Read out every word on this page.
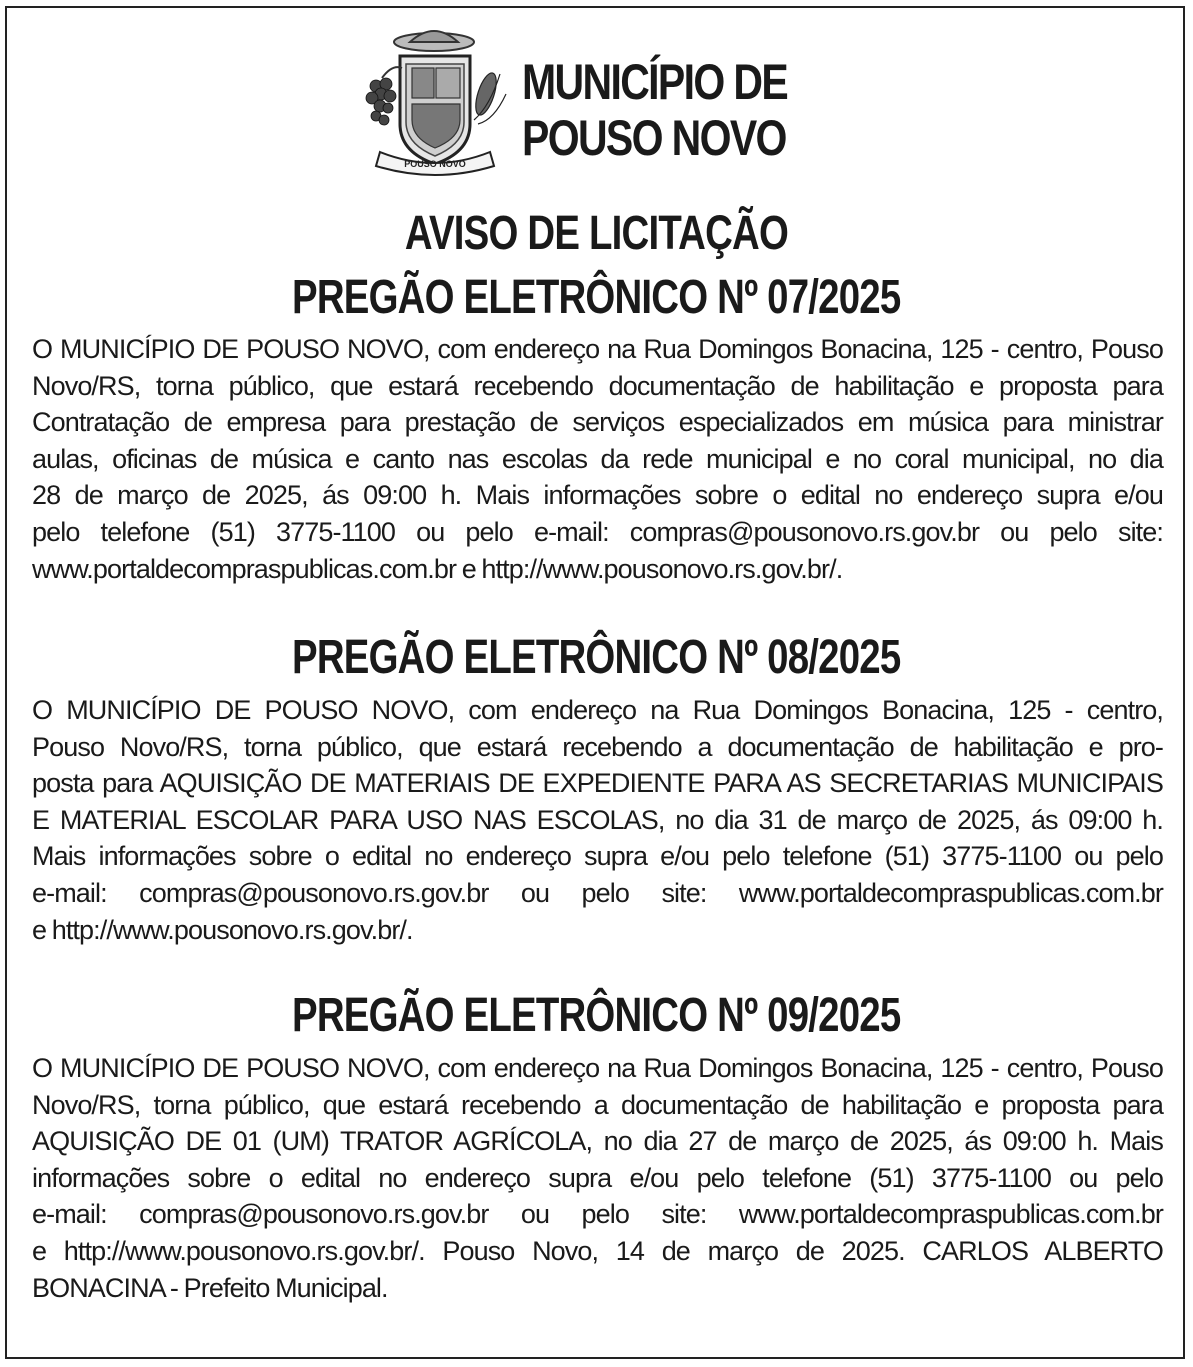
POUSO NOVO
MUNICÍPIO DE
POUSO NOVO
AVISO DE LICITAÇÃO
PREGÃO ELETRÔNICO Nº 07/2025
O MUNICÍPIO DE POUSO NOVO, com endereço na Rua Domingos Bonacina, 125 - centro, Pouso
Novo/RS, torna público, que estará recebendo documentação de habilitação e proposta para
Contratação de empresa para prestação de serviços especializados em música para ministrar
aulas, oficinas de música e canto nas escolas da rede municipal e no coral municipal, no dia
28 de março de 2025, ás 09:00 h. Mais informações sobre o edital no endereço supra e/ou
pelo telefone (51) 3775-1100 ou pelo e-mail: compras@pousonovo.rs.gov.br ou pelo site:
www.portaldecompraspublicas.com.br e http://www.pousonovo.rs.gov.br/.
PREGÃO ELETRÔNICO Nº 08/2025
O MUNICÍPIO DE POUSO NOVO, com endereço na Rua Domingos Bonacina, 125 - centro,
Pouso Novo/RS, torna público, que estará recebendo a documentação de habilitação e pro-
posta para AQUISIÇÃO DE MATERIAIS DE EXPEDIENTE PARA AS SECRETARIAS MUNICIPAIS
E MATERIAL ESCOLAR PARA USO NAS ESCOLAS, no dia 31 de março de 2025, ás 09:00 h.
Mais informações sobre o edital no endereço supra e/ou pelo telefone (51) 3775-1100 ou pelo
e-mail: compras@pousonovo.rs.gov.br ou pelo site: www.portaldecompraspublicas.com.br
e http://www.pousonovo.rs.gov.br/.
PREGÃO ELETRÔNICO Nº 09/2025
O MUNICÍPIO DE POUSO NOVO, com endereço na Rua Domingos Bonacina, 125 - centro, Pouso
Novo/RS, torna público, que estará recebendo a documentação de habilitação e proposta para
AQUISIÇÃO DE 01 (UM) TRATOR AGRÍCOLA, no dia 27 de março de 2025, ás 09:00 h. Mais
informações sobre o edital no endereço supra e/ou pelo telefone (51) 3775-1100 ou pelo
e-mail: compras@pousonovo.rs.gov.br ou pelo site: www.portaldecompraspublicas.com.br
e http://www.pousonovo.rs.gov.br/. Pouso Novo, 14 de março de 2025. CARLOS ALBERTO
BONACINA - Prefeito Municipal.
